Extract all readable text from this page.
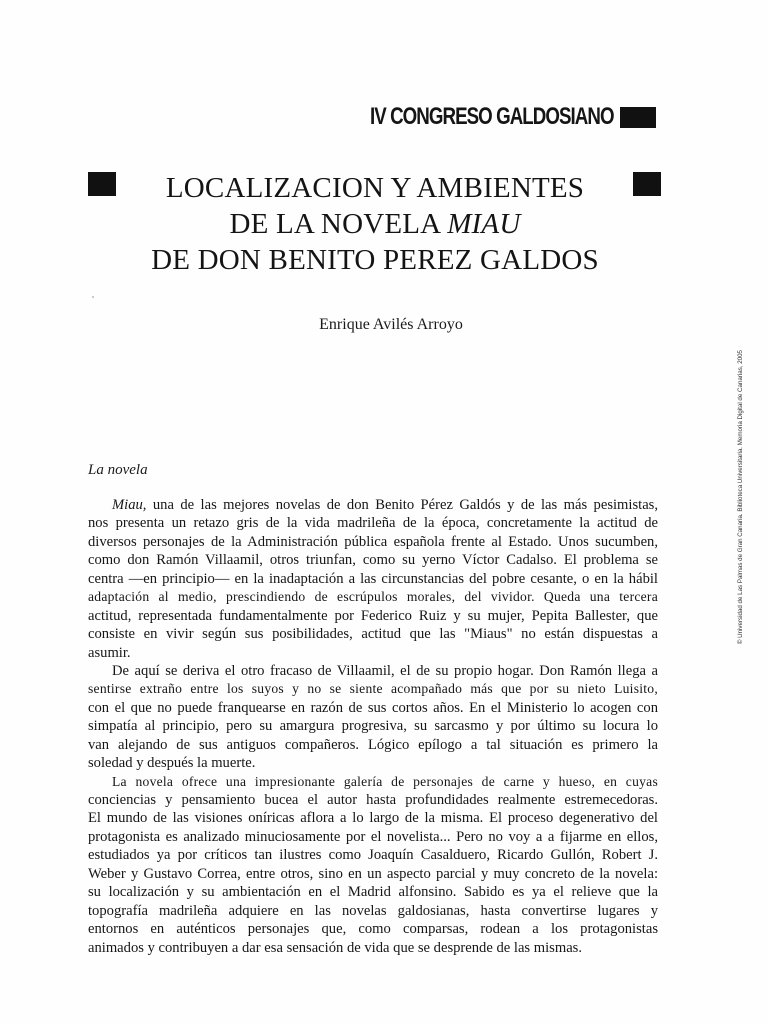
IV CONGRESO GALDOSIANO
LOCALIZACION Y AMBIENTES
DE LA NOVELA MIAU
DE DON BENITO PEREZ GALDOS
Enrique Avilés Arroyo
© Universidad de Las Palmas de Gran Canaria. Biblioteca Universitaria. Memoria Digital de Canarias, 2005
La novela
Miau, una de las mejores novelas de don Benito Pérez Galdós y de las más pesimistas,
nos presenta un retazo gris de la vida madrileña de la época, concretamente la actitud de
diversos personajes de la Administración pública española frente al Estado. Unos sucumben,
como don Ramón Villaamil, otros triunfan, como su yerno Víctor Cadalso. El problema se
centra —en principio— en la inadaptación a las circunstancias del pobre cesante, o en la hábil
adaptación al medio, prescindiendo de escrúpulos morales, del vividor. Queda una tercera
actitud, representada fundamentalmente por Federico Ruiz y su mujer, Pepita Ballester, que
consiste en vivir según sus posibilidades, actitud que las "Miaus" no están dispuestas a
asumir.
De aquí se deriva el otro fracaso de Villaamil, el de su propio hogar. Don Ramón llega a
sentirse extraño entre los suyos y no se siente acompañado más que por su nieto Luisito,
con el que no puede franquearse en razón de sus cortos años. En el Ministerio lo acogen con
simpatía al principio, pero su amargura progresiva, su sarcasmo y por último su locura lo
van alejando de sus antiguos compañeros. Lógico epílogo a tal situación es primero la
soledad y después la muerte.
La novela ofrece una impresionante galería de personajes de carne y hueso, en cuyas
conciencias y pensamiento bucea el autor hasta profundidades realmente estremecedoras.
El mundo de las visiones oníricas aflora a lo largo de la misma. El proceso degenerativo del
protagonista es analizado minuciosamente por el novelista... Pero no voy a a fijarme en ellos,
estudiados ya por críticos tan ilustres como Joaquín Casalduero, Ricardo Gullón, Robert J.
Weber y Gustavo Correa, entre otros, sino en un aspecto parcial y muy concreto de la novela:
su localización y su ambientación en el Madrid alfonsino. Sabido es ya el relieve que la
topografía madrileña adquiere en las novelas galdosianas, hasta convertirse lugares y
entornos en auténticos personajes que, como comparsas, rodean a los protagonistas
animados y contribuyen a dar esa sensación de vida que se desprende de las mismas.
